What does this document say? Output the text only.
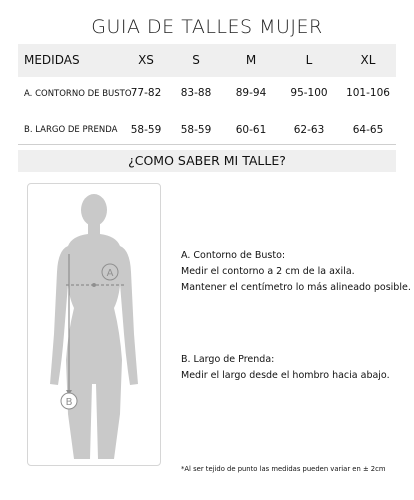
GUIA DE TALLES MUJER
MEDIDAS	XS	S	M	L	XL
A. CONTORNO DE BUSTO 77-82	83-88	89-94	95-100	101-106
B. LARGO DE PRENDA	58-59	58-59	60-61	62-63	64-65
¿COMO SABER MI TALLE?
A
B
A. Contorno de Busto:
Medir el contorno a 2 cm de la axila.
Mantener el centímetro lo más alineado posible.
B. Largo de Prenda:
Medir el largo desde el hombro hacia abajo.
*Al ser tejido de punto las medidas pueden variar en ± 2cm
